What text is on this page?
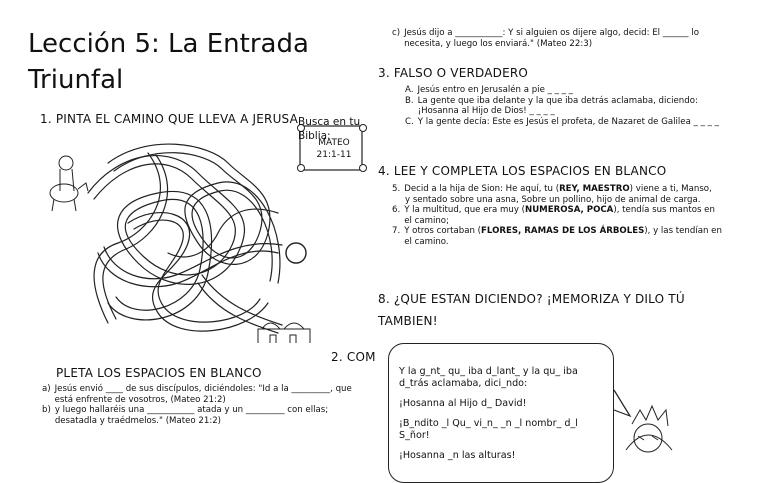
Lección 5: La Entrada
Triunfal
1. PINTA EL CAMINO QUE LLEVA A JERUSA Busca en tu
Biblia:
MATEO
21:1-11
2. COM
PLETA LOS ESPACIOS EN BLANCO
a) Jesús envió ____ de sus discípulos, diciéndoles: "Id a la _________, que está enfrente de vosotros, (Mateo 21:2)
b) y luego hallaréis una ___________ atada y un _________ con ellas; desatadla y traédmelos." (Mateo 21:2)
c) Jesús dijo a ___________: Y si alguien os dijere algo, decid: El ______ lo necesita, y luego los enviará." (Mateo 22:3)
3. FALSO O VERDADERO
A. Jesús entro en Jerusalén a pie _ _ _ _
B. La gente que iba delante y la que iba detrás aclamaba, diciendo: ¡Hosanna al Hijo de Dios! _ _ _ _
C. Y la gente decía: Este es Jesús el profeta, de Nazaret de Galilea _ _ _ _
4. LEE Y COMPLETA LOS ESPACIOS EN BLANCO
5. Decid a la hija de Sion: He aquí, tu (REY, MAESTRO) viene a ti, Manso,
y sentado sobre una asna, Sobre un pollino, hijo de animal de carga.
6. Y la multitud, que era muy (NUMEROSA, POCA), tendía sus mantos en el camino;
7. Y otros cortaban (FLORES, RAMAS DE LOS ÁRBOLES), y las tendían en el camino.
8. ¿QUE ESTAN DICIENDO? ¡MEMORIZA Y DILO TÚ
TAMBIEN!

Y la g_nt_ qu_ iba d_lant_ y la qu_ iba d_trás aclamaba, dici_ndo:

¡Hosanna al Hijo d_ David!

¡B_ndito _l Qu_ vi_n_ _n _l nombr_ d_l S_ñor!

¡Hosanna _n las alturas!
